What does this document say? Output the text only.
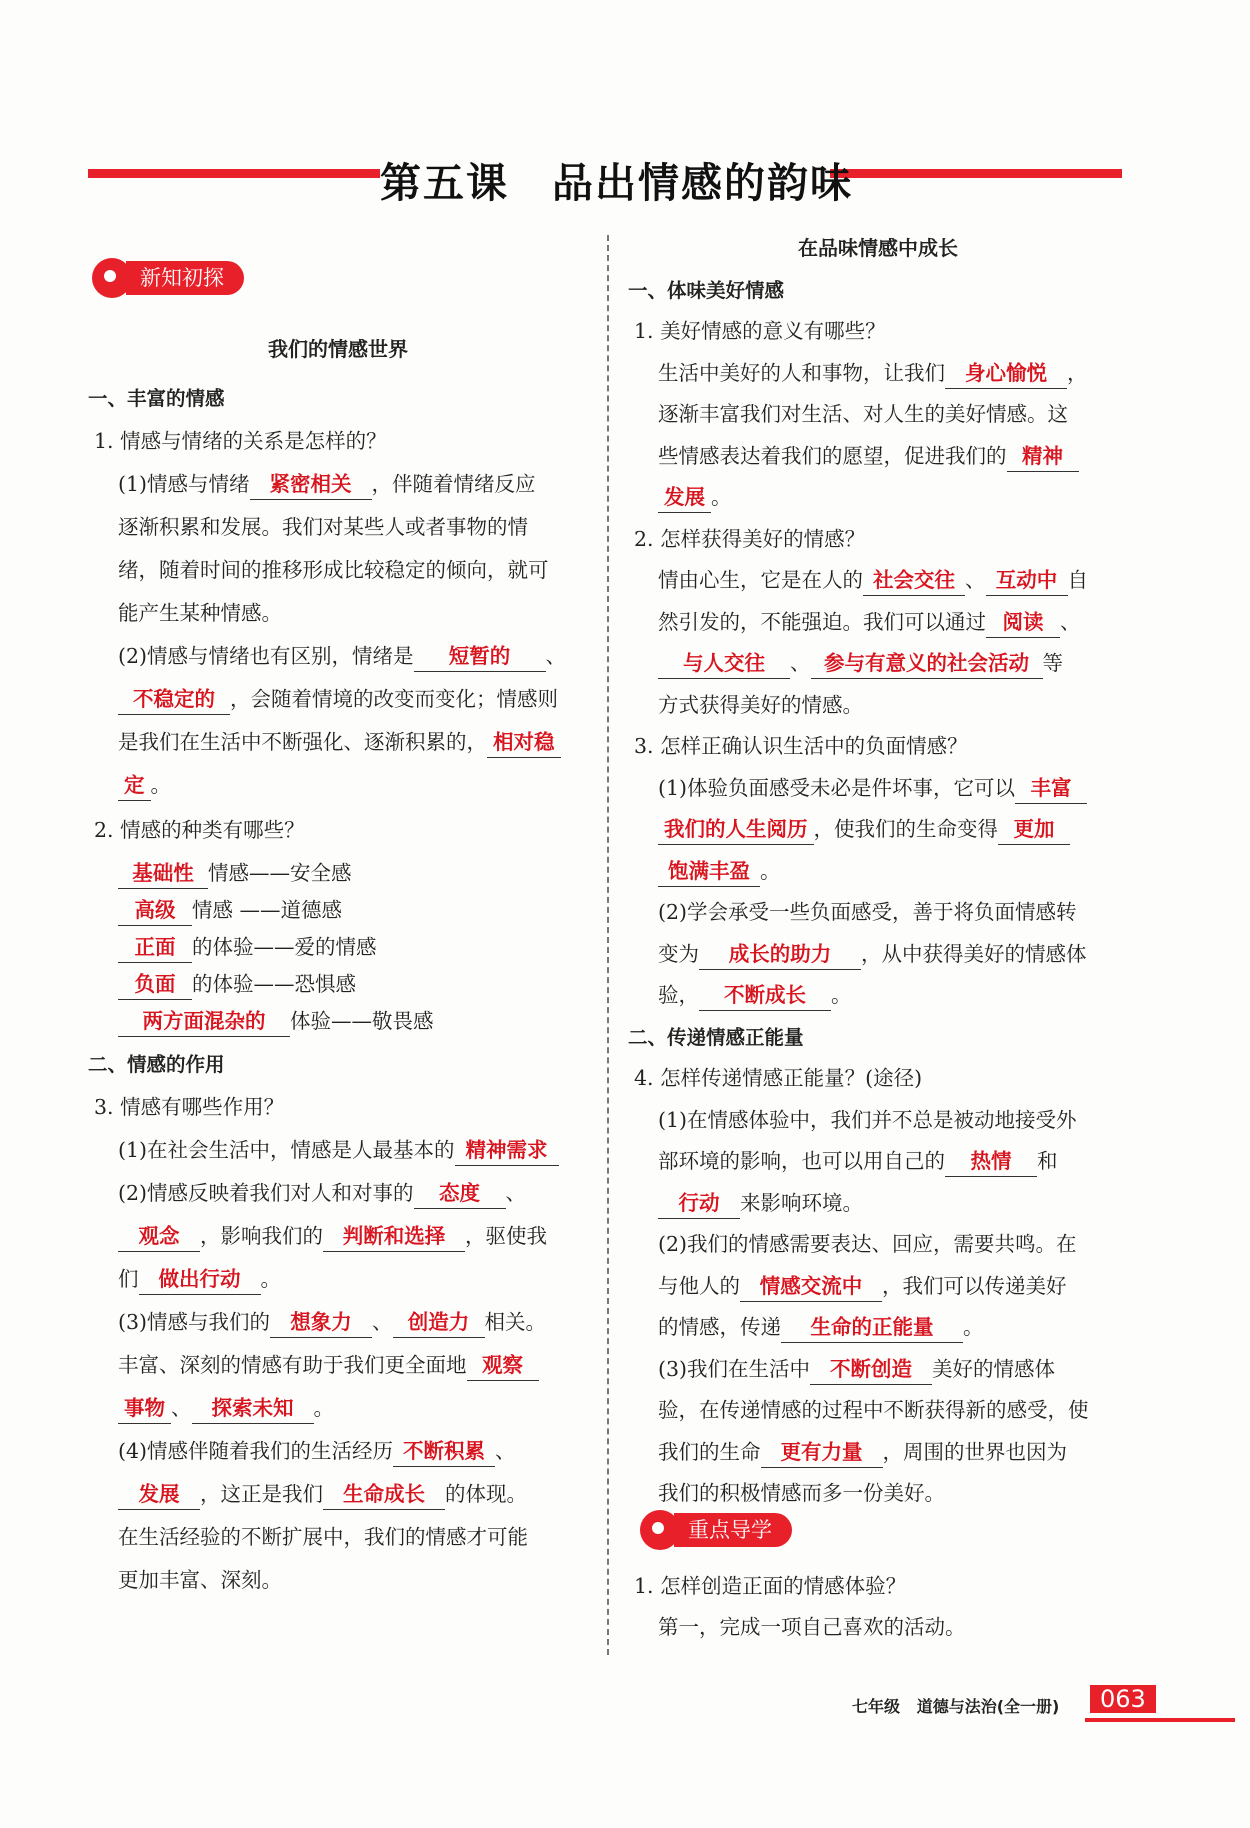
第五课　品出情感的韵味
新知初探

我们的情感世界

一、丰富的情感

1. 情感与情绪的关系是怎样的？

(1)情感与情绪 紧密相关 ，伴随着情绪反应

逐渐积累和发展。我们对某些人或者事物的情

绪，随着时间的推移形成比较稳定的倾向，就可

能产生某种情感。

(2)情感与情绪也有区别，情绪是 短暂的 、

不稳定的 ，会随着情境的改变而变化；情感则

是我们在生活中不断强化、逐渐积累的， 相对稳

定 。

2. 情感的种类有哪些？

基础性 情感——安全感

高级 情感 ——道德感

正面 的体验——爱的情感

负面 的体验——恐惧感

两方面混杂的 体验——敬畏感

二、情感的作用

3. 情感有哪些作用？

(1)在社会生活中，情感是人最基本的 精神需求

(2)情感反映着我们对人和对事的 态度 、

观念 ，影响我们的 判断和选择 ，驱使我

们 做出行动 。

(3)情感与我们的 想象力 、 创造力 相关。

丰富、深刻的情感有助于我们更全面地 观察

事物 、 探索未知 。

(4)情感伴随着我们的生活经历 不断积累 、

发展 ，这正是我们 生命成长 的体现。

在生活经验的不断扩展中，我们的情感才可能

更加丰富、深刻。

在品味情感中成长

一、体味美好情感

1. 美好情感的意义有哪些？

生活中美好的人和事物，让我们 身心愉悦 ，

逐渐丰富我们对生活、对人生的美好情感。这

些情感表达着我们的愿望，促进我们的 精神

发展 。

2. 怎样获得美好的情感？

情由心生，它是在人的 社会交往 、 互动中 自

然引发的，不能强迫。我们可以通过 阅读 、

与人交往 、 参与有意义的社会活动 等

方式获得美好的情感。

3. 怎样正确认识生活中的负面情感？

(1)体验负面感受未必是件坏事，它可以 丰富

我们的人生阅历 ，使我们的生命变得 更加

饱满丰盈 。

(2)学会承受一些负面感受，善于将负面情感转

变为 成长的助力 ，从中获得美好的情感体

验， 不断成长 。

二、传递情感正能量

4. 怎样传递情感正能量？(途径)

(1)在情感体验中，我们并不总是被动地接受外

部环境的影响，也可以用自己的 热情 和

行动 来影响环境。

(2)我们的情感需要表达、回应，需要共鸣。在

与他人的 情感交流中 ，我们可以传递美好

的情感，传递 生命的正能量 。

(3)我们在生活中 不断创造 美好的情感体

验，在传递情感的过程中不断获得新的感受，使

我们的生命 更有力量 ，周围的世界也因为

我们的积极情感而多一份美好。

重点导学

1. 怎样创造正面的情感体验？

第一，完成一项自己喜欢的活动。

七年级 道德与法治(全一册)	063
